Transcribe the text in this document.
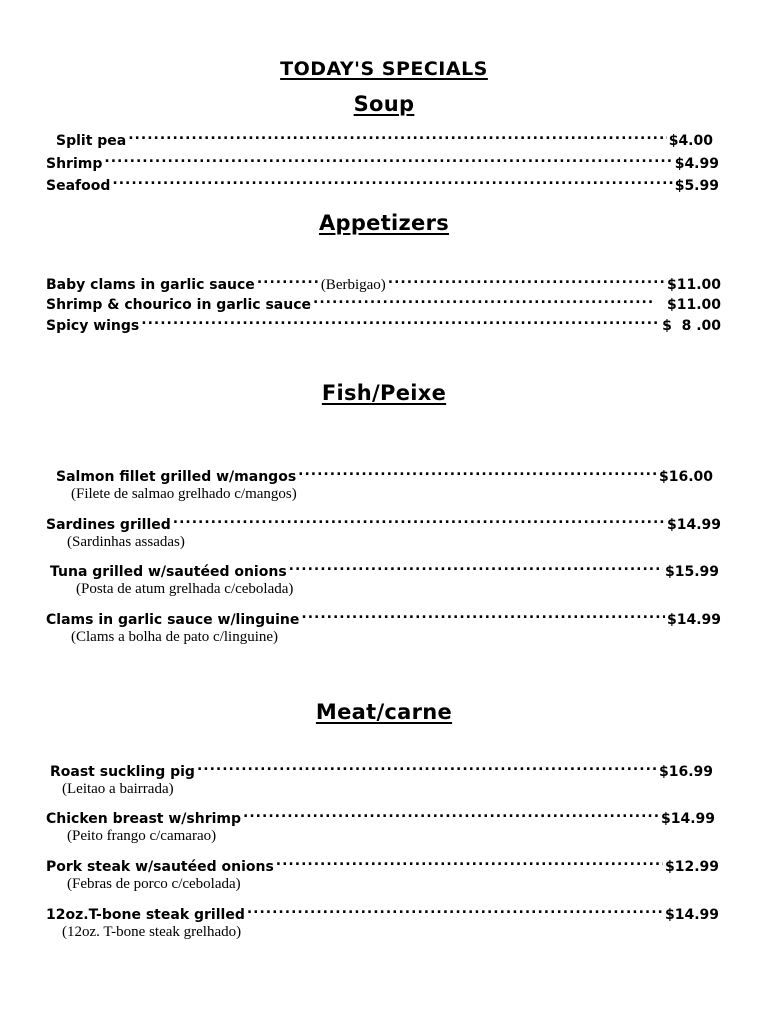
TODAY'S SPECIALS
Soup
Split pea .....	$4.00
Shrimp .....	$4.99
Seafood .....	$5.99
Appetizers
Baby clams in garlic sauce .....	(Berbigao) .....	$11.00
Shrimp & chourico in garlic sauce .....	$11.00
Spicy wings .....	$  8 .00
Fish/Peixe
Salmon fillet grilled w/mangos .....	$16.00
(Filete de salmao grelhado c/mangos)
Sardines grilled .....	$14.99
(Sardinhas assadas)
Tuna grilled w/sautéed onions .....	$15.99
(Posta de atum grelhada c/cebolada)
Clams in garlic sauce w/linguine .....	$14.99
(Clams a bolha de pato c/linguine)
Meat/carne
Roast suckling pig .....	$16.99
(Leitao a bairrada)
Chicken breast w/shrimp .....	$14.99
(Peito frango c/camarao)
Pork steak w/sautéed onions .....	$12.99
(Febras de porco c/cebolada)
12oz.T-bone steak grilled .....	$14.99
(12oz. T-bone steak grelhado)
